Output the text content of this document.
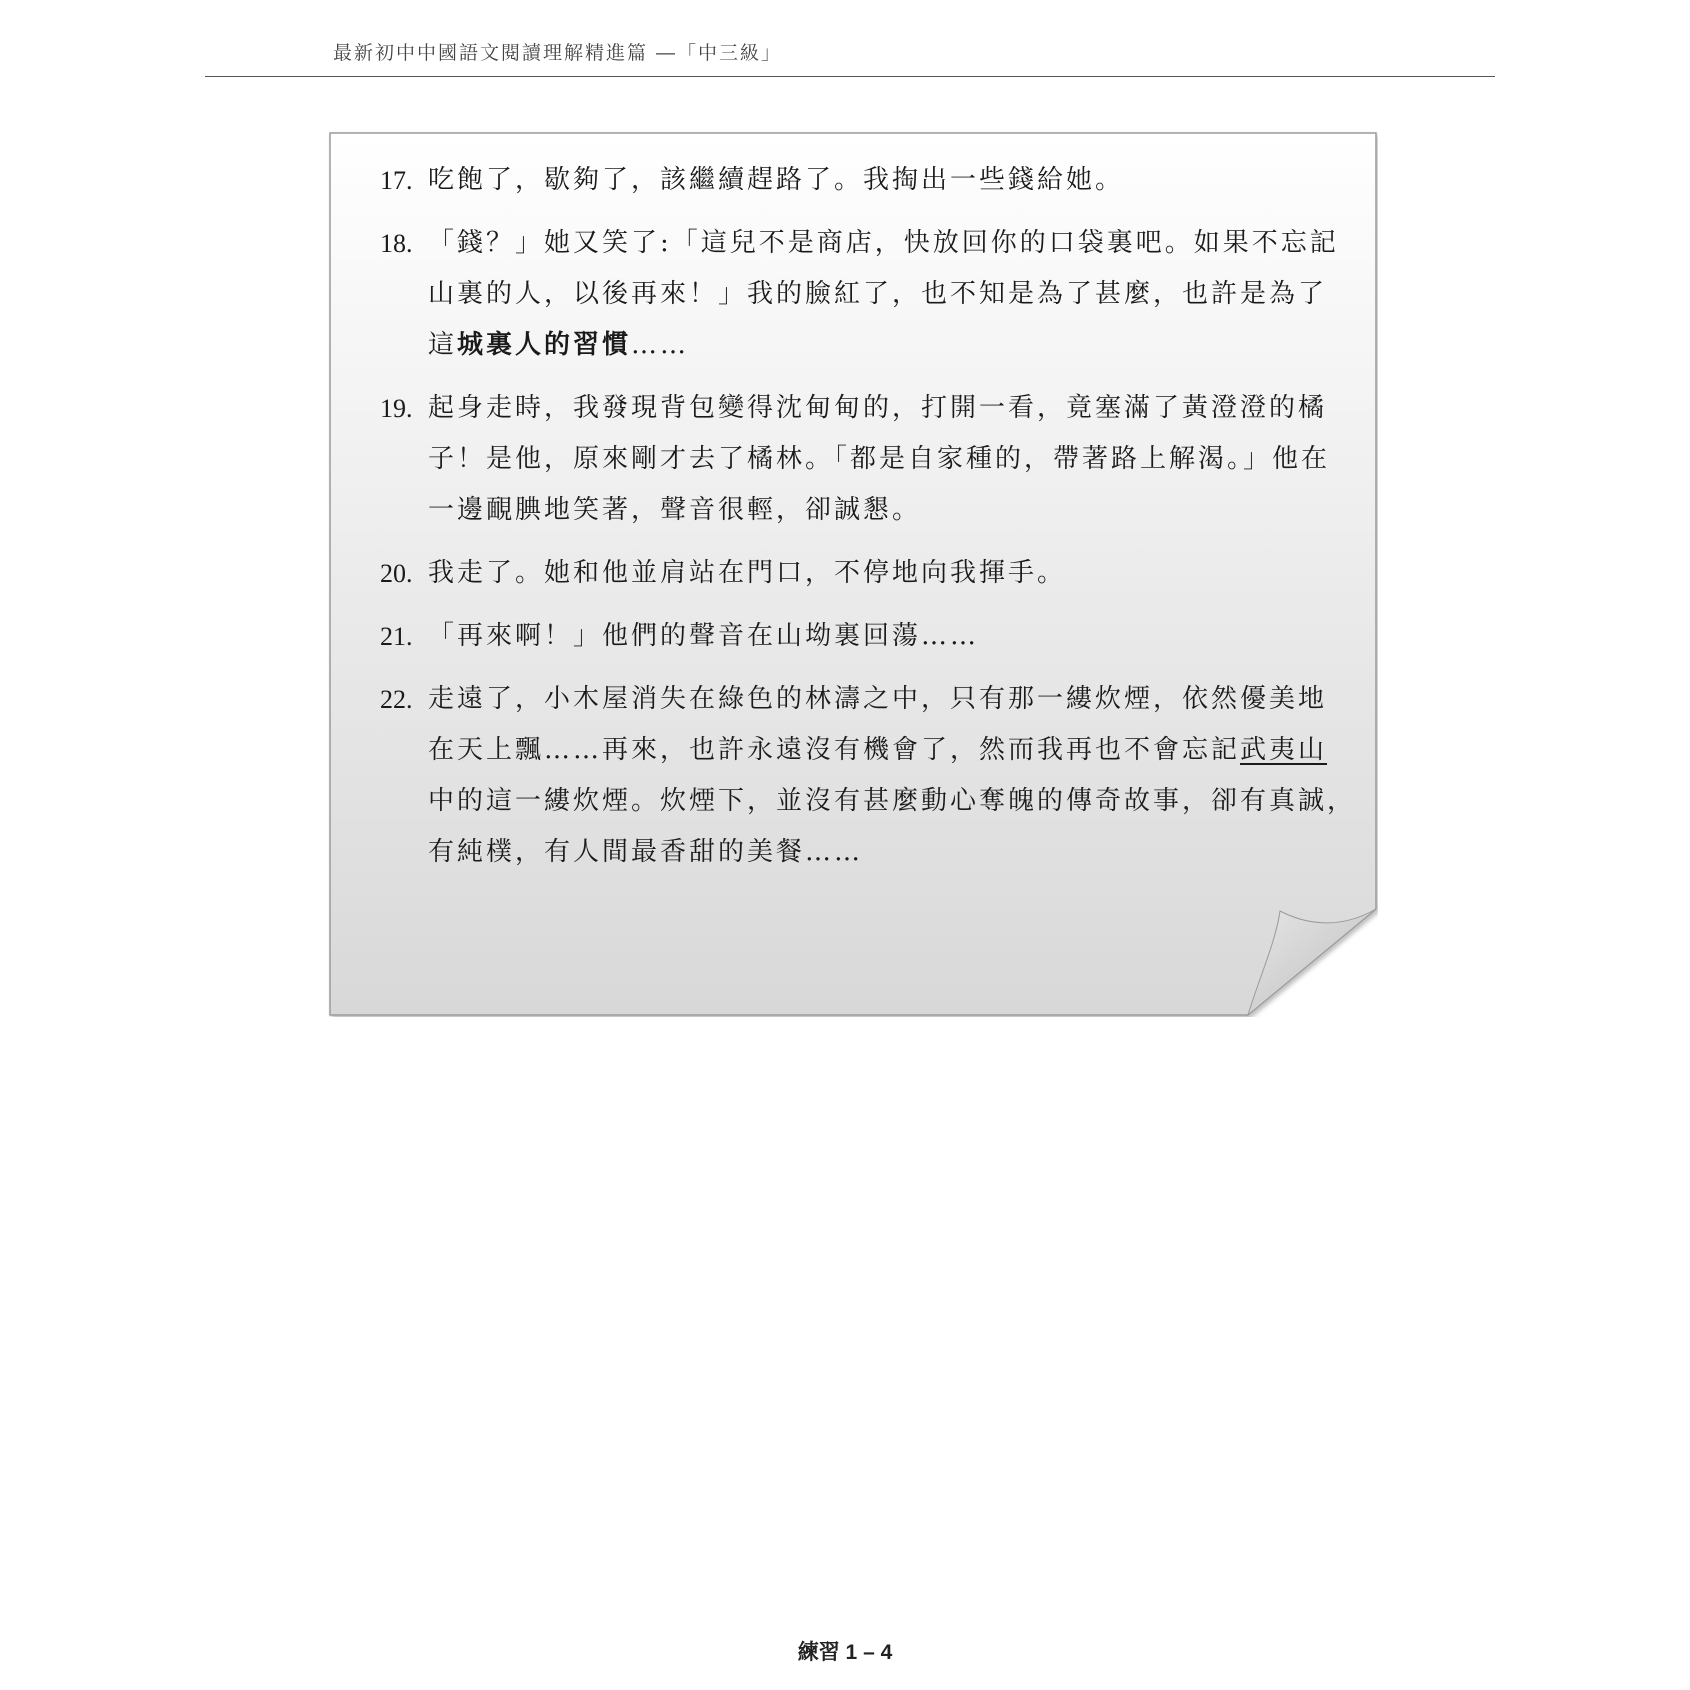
最新初中中國語文閱讀理解精進篇 ―「中三級」
17. 吃飽了，歇夠了，該繼續趕路了。我掏出一些錢給她。
18. 「錢？」她又笑了:「這兒不是商店，快放回你的口袋裏吧。如果不忘記
山裏的人，以後再來！」我的臉紅了，也不知是為了甚麼，也許是為了
這城裏人的習慣……
19. 起身走時，我發現背包變得沈甸甸的，打開一看，竟塞滿了黃澄澄的橘
子！是他，原來剛才去了橘林。「都是自家種的，帶著路上解渴。」他在
一邊靦腆地笑著，聲音很輕，卻誠懇。
20. 我走了。她和他並肩站在門口，不停地向我揮手。
21. 「再來啊！」他們的聲音在山坳裏回蕩……
22. 走遠了，小木屋消失在綠色的林濤之中，只有那一縷炊煙，依然優美地
在天上飄……再來，也許永遠沒有機會了，然而我再也不會忘記武夷山
中的這一縷炊煙。炊煙下，並沒有甚麼動心奪魄的傳奇故事，卻有真誠，
有純樸，有人間最香甜的美餐……
練習 1 – 4
